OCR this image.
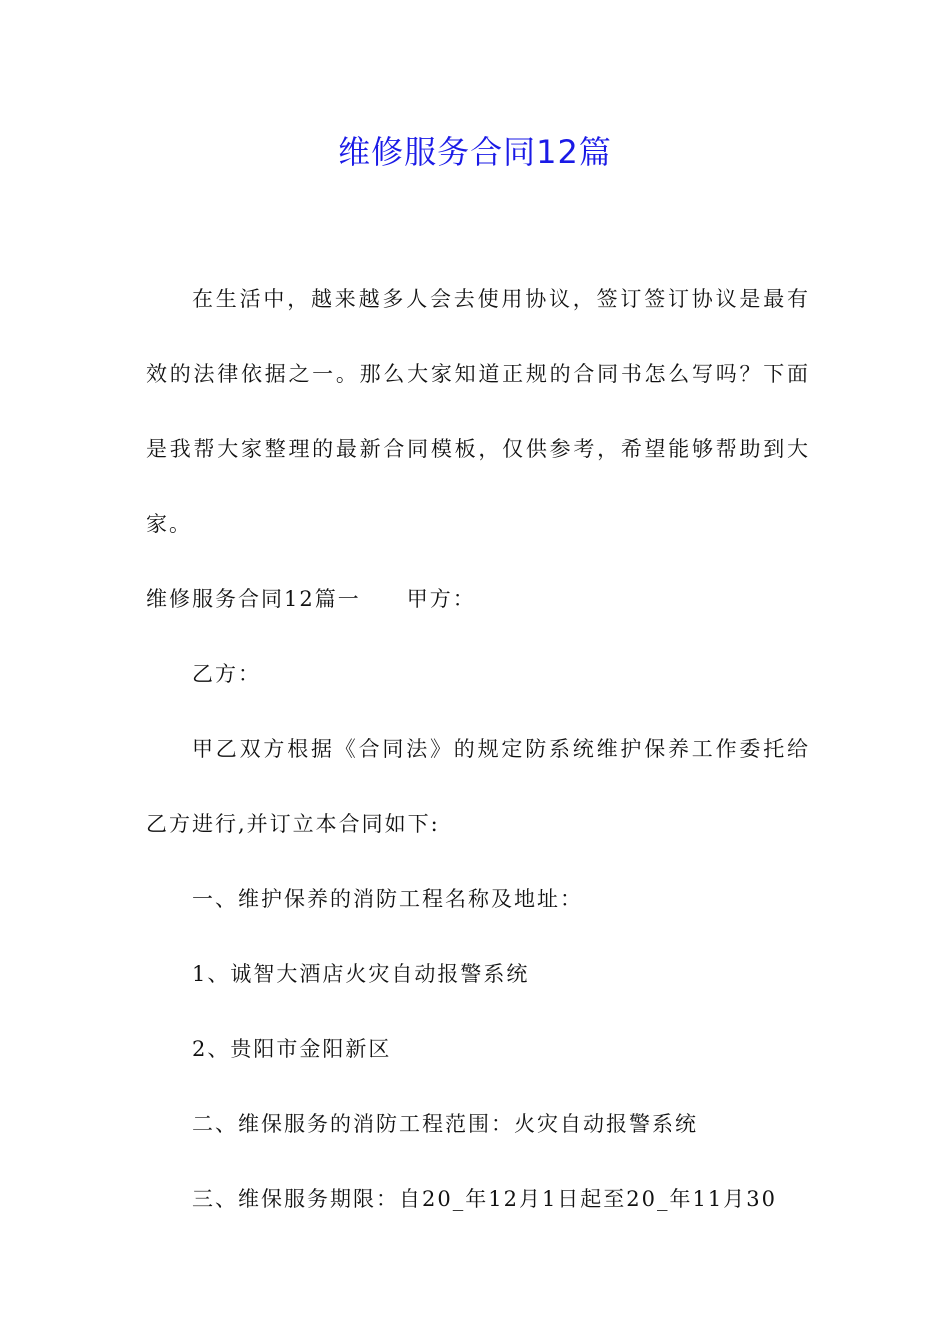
维修服务合同12篇

在生活中，越来越多人会去使用协议，签订签订协议是最有效的法律依据之一。那么大家知道正规的合同书怎么写吗？下面是我帮大家整理的最新合同模板，仅供参考，希望能够帮助到大家。

维修服务合同12篇一 甲方：

乙方：

甲乙双方根据《合同法》的规定防系统维护保养工作委托给乙方进行,并订立本合同如下:

一、维护保养的消防工程名称及地址：

1、诚智大酒店火灾自动报警系统

2、贵阳市金阳新区

二、维保服务的消防工程范围：火灾自动报警系统

三、维保服务期限：自20_年12月1日起至20_年11月30
